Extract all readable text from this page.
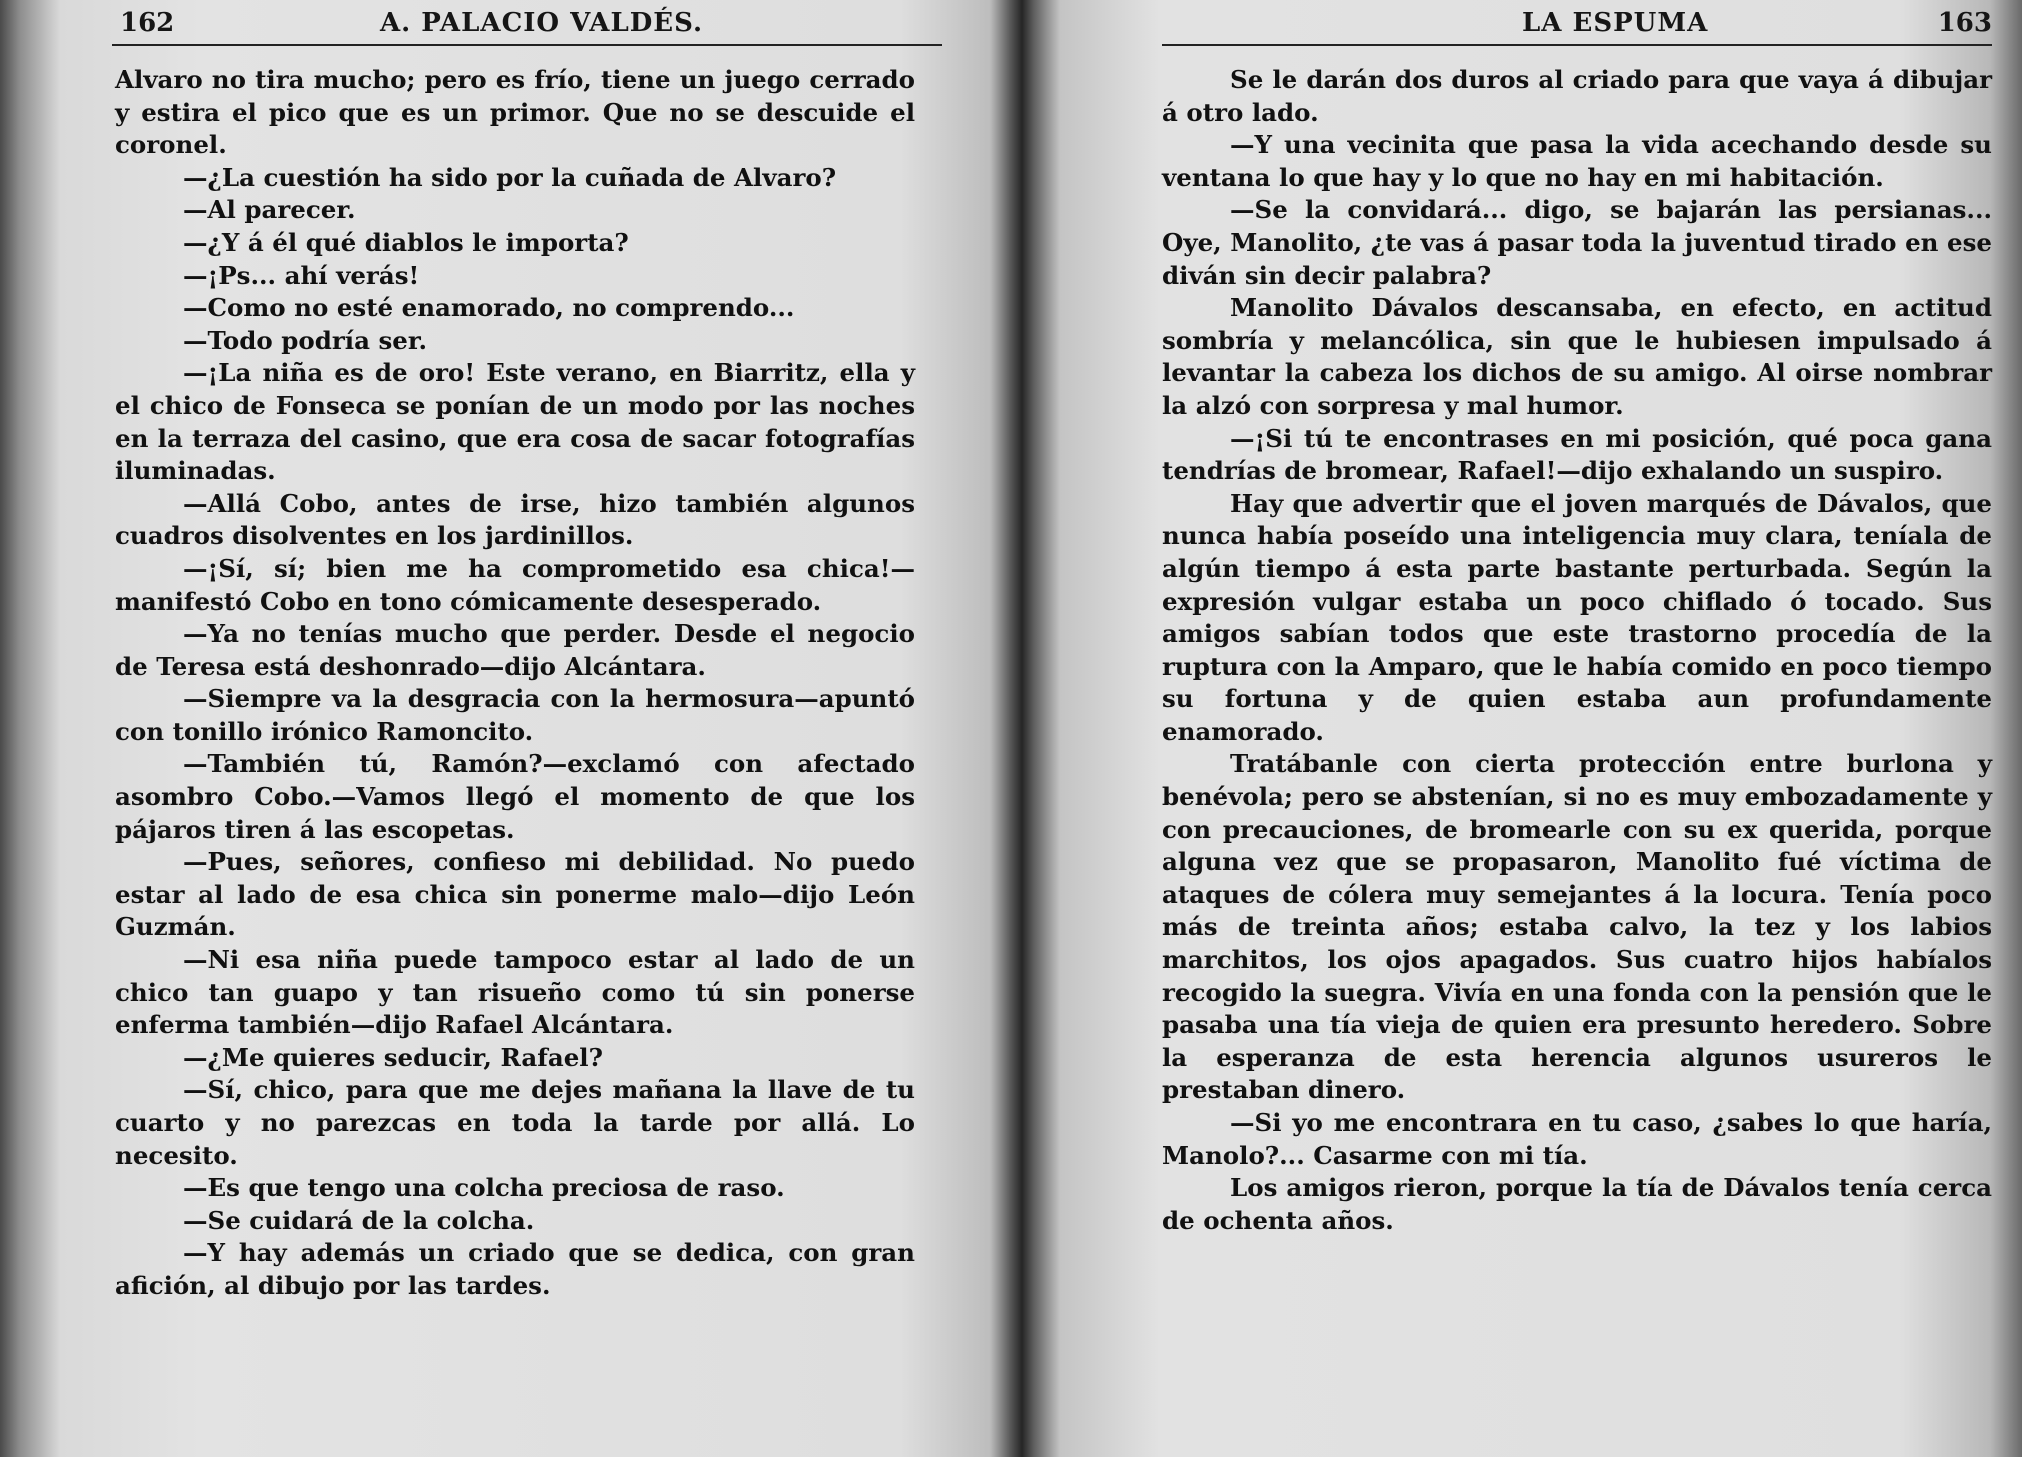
162	A. PALACIO VALDÉS.

Alvaro no tira mucho; pero es frío, tiene un juego cerrado y estira el pico que es un primor. Que no se descuide el coronel.

—¿La cuestión ha sido por la cuñada de Alvaro?

—Al parecer.

—¿Y á él qué diablos le importa?

—¡Ps... ahí verás!

—Como no esté enamorado, no comprendo...

—Todo podría ser.

—¡La niña es de oro! Este verano, en Biarritz, ella y el chico de Fonseca se ponían de un modo por las noches en la terraza del casino, que era cosa de sacar fotografías iluminadas.

—Allá Cobo, antes de irse, hizo también algunos cuadros disolventes en los jardinillos.

—¡Sí, sí; bien me ha comprometido esa chica!—manifestó Cobo en tono cómicamente desesperado.

—Ya no tenías mucho que perder. Desde el negocio de Teresa está deshonrado—dijo Alcántara.

—Siempre va la desgracia con la hermosura—apuntó con tonillo irónico Ramoncito.

—También tú, Ramón?—exclamó con afectado asombro Cobo.—Vamos llegó el momento de que los pájaros tiren á las escopetas.

—Pues, señores, confieso mi debilidad. No puedo estar al lado de esa chica sin ponerme malo—dijo León Guzmán.

—Ni esa niña puede tampoco estar al lado de un chico tan guapo y tan risueño como tú sin ponerse enferma también—dijo Rafael Alcántara.

—¿Me quieres seducir, Rafael?

—Sí, chico, para que me dejes mañana la llave de tu cuarto y no parezcas en toda la tarde por allá. Lo necesito.

—Es que tengo una colcha preciosa de raso.

—Se cuidará de la colcha.

—Y hay además un criado que se dedica, con gran afición, al dibujo por las tardes.

LA ESPUMA	163

Se le darán dos duros al criado para que vaya á dibujar á otro lado.

—Y una vecinita que pasa la vida acechando desde su ventana lo que hay y lo que no hay en mi habitación.

—Se la convidará... digo, se bajarán las persianas... Oye, Manolito, ¿te vas á pasar toda la juventud tirado en ese diván sin decir palabra?

Manolito Dávalos descansaba, en efecto, en actitud sombría y melancólica, sin que le hubiesen impulsado á levantar la cabeza los dichos de su amigo. Al oirse nombrar la alzó con sorpresa y mal humor.

—¡Si tú te encontrases en mi posición, qué poca gana tendrías de bromear, Rafael!—dijo exhalando un suspiro.

Hay que advertir que el joven marqués de Dávalos, que nunca había poseído una inteligencia muy clara, teníala de algún tiempo á esta parte bastante perturbada. Según la expresión vulgar estaba un poco chiflado ó tocado. Sus amigos sabían todos que este trastorno procedía de la ruptura con la Amparo, que le había comido en poco tiempo su fortuna y de quien estaba aun profundamente enamorado.

Tratábanle con cierta protección entre burlona y benévola; pero se abstenían, si no es muy embozadamente y con precauciones, de bromearle con su ex querida, porque alguna vez que se propasaron, Manolito fué víctima de ataques de cólera muy semejantes á la locura. Tenía poco más de treinta años; estaba calvo, la tez y los labios marchitos, los ojos apagados. Sus cuatro hijos habíalos recogido la suegra. Vivía en una fonda con la pensión que le pasaba una tía vieja de quien era presunto heredero. Sobre la esperanza de esta herencia algunos usureros le prestaban dinero.

—Si yo me encontrara en tu caso, ¿sabes lo que haría, Manolo?... Casarme con mi tía.

Los amigos rieron, porque la tía de Dávalos tenía cerca de ochenta años.
